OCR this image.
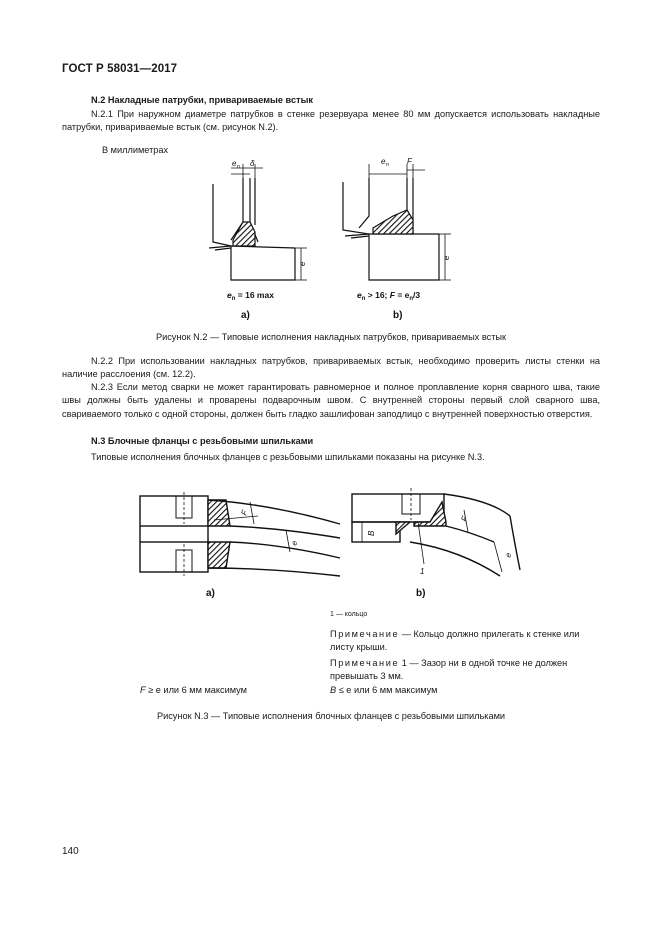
ГОСТ Р 58031—2017
N.2 Накладные патрубки, привариваемые встык
N.2.1 При наружном диаметре патрубков в стенке резервуара менее 80 мм допускается использовать накладные патрубки, привариваемые встык (см. рисунок N.2).
В миллиметрах
e n δ
e
e n F
e
$e_n = 16$ max	$e_n > 16$; $F = e_n/3$
a)	b)
Рисунок N.2 — Типовые исполнения накладных патрубков, привариваемых встык
N.2.2 При использовании накладных патрубков, привариваемых встык, необходимо проверить листы стенки на наличие расслоения (см. 12.2).
N.2.3 Если метод сварки не может гарантировать равномерное и полное проплавление корня сварного шва, такие швы должны быть удалены и проварены подварочным швом. С внутренней стороны первый слой сварного шва, свариваемого только с одной стороны, должен быть гладко зашлифован заподлицо с внутренней поверхностью отверстия.
N.3 Блочные фланцы с резьбовыми шпильками
Типовые исполнения блочных фланцев с резьбовыми шпильками показаны на рисунке N.3.
F
e
F
e
B
1
a)	b)
1 — кольцо
Примечание — Кольцо должно прилегать к стенке или листу крыши.
Примечание 1 — Зазор ни в одной точке не должен превышать 3 мм.
F ≥ e или 6 мм максимум	B ≤ e или 6 мм максимум
Рисунок N.3 — Типовые исполнения блочных фланцев с резьбовыми шпильками
140
